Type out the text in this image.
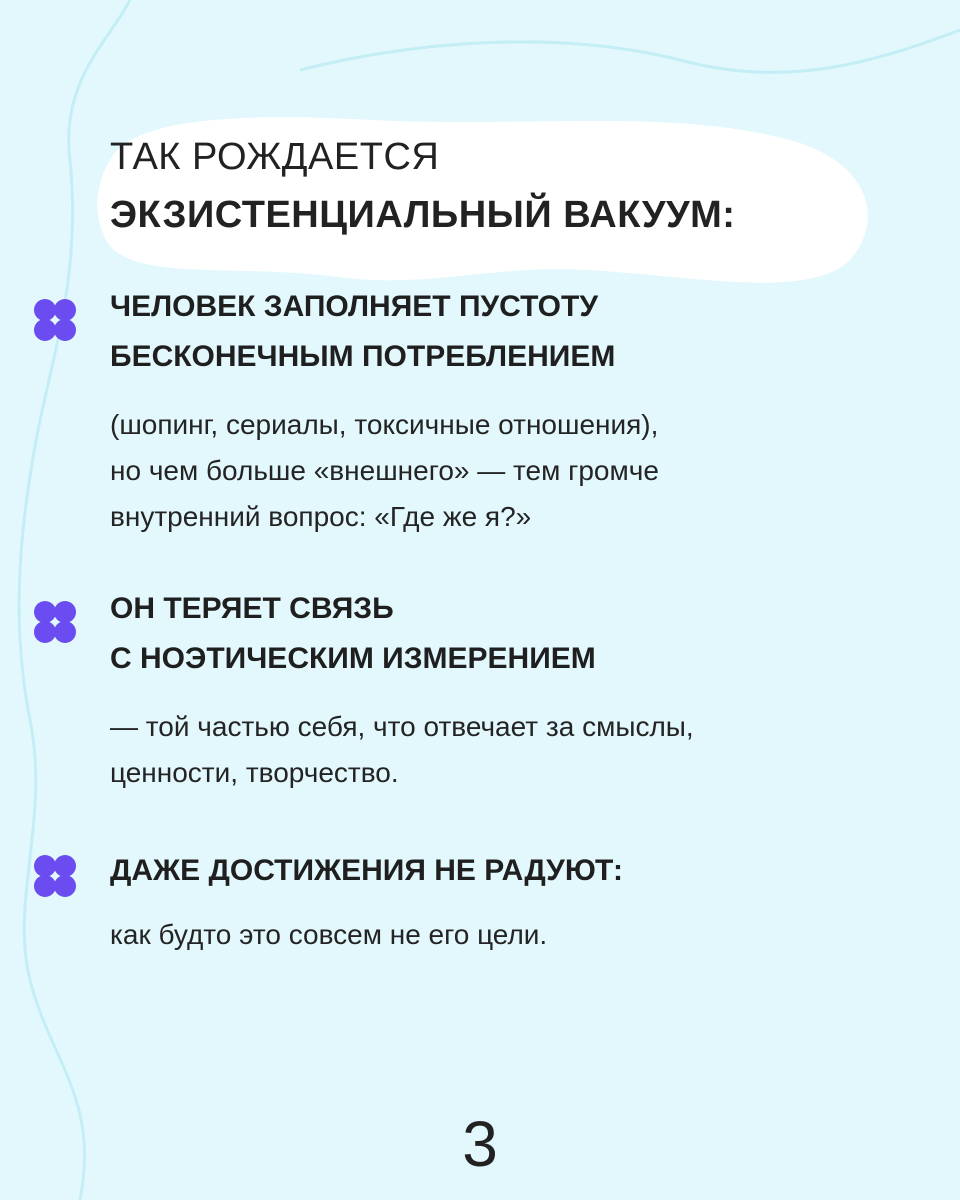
ТАК РОЖДАЕТСЯ
ЭКЗИСТЕНЦИАЛЬНЫЙ ВАКУУМ:
ЧЕЛОВЕК ЗАПОЛНЯЕТ ПУСТОТУ
БЕСКОНЕЧНЫМ ПОТРЕБЛЕНИЕМ

(шопинг, сериалы, токсичные отношения),
но чем больше «внешнего» — тем громче
внутренний вопрос: «Где же я?»

ОН ТЕРЯЕТ СВЯЗЬ
С НОЭТИЧЕСКИМ ИЗМЕРЕНИЕМ

— той частью себя, что отвечает за смыслы,
ценности, творчество.

ДАЖЕ ДОСТИЖЕНИЯ НЕ РАДУЮТ:

как будто это совсем не его цели.

3
